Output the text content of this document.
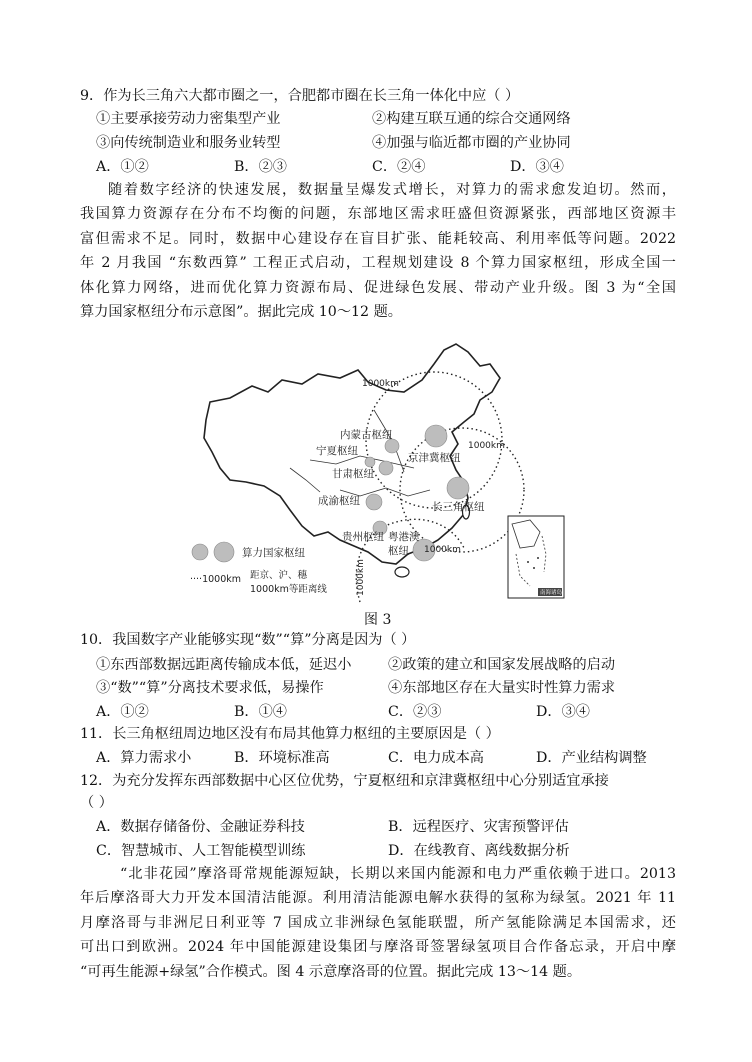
9．作为长三角六大都市圈之一，合肥都市圈在长三角一体化中应（ ）
①主要承接劳动力密集型产业	②构建互联互通的综合交通网络
③向传统制造业和服务业转型	④加强与临近都市圈的产业协同
A．①②	B．②③	C．②④	D．③④
随着数字经济的快速发展，数据量呈爆发式增长，对算力的需求愈发迫切。然而，
我国算力资源存在分布不均衡的问题，东部地区需求旺盛但资源紧张，西部地区资源丰
富但需求不足。同时，数据中心建设存在盲目扩张、能耗较高、利用率低等问题。2022
年 2 月我国 “东数西算” 工程正式启动，工程规划建设 8 个算力国家枢纽，形成全国一
体化算力网络，进而优化算力资源布局、促进绿色发展、带动产业升级。图 3 为“全国
算力国家枢纽分布示意图”。据此完成 10～12 题。
1000km
1000km
1000km
1000km
内蒙古枢纽
宁夏枢纽
甘肃枢纽
京津冀枢纽
成渝枢纽	长三角枢纽
贵州枢纽 粤港澳
枢纽
算力国家枢纽
····1000km 距京、沪、穗
1000km等距离线	南海诸岛
图 3
10．我国数字产业能够实现“数”“算”分离是因为（ ）
①东西部数据远距离传输成本低，延迟小	②政策的建立和国家发展战略的启动
③“数”“算”分离技术要求低，易操作	④东部地区存在大量实时性算力需求
A．①②	B．①④	C．②③	D．③④
11．长三角枢纽周边地区没有布局其他算力枢纽的主要原因是（ ）
A．算力需求小	B．环境标准高	C．电力成本高	D．产业结构调整
12．为充分发挥东西部数据中心区位优势，宁夏枢纽和京津冀枢纽中心分别适宜承接
（ ）
A．数据存储备份、金融证券科技	B．远程医疗、灾害预警评估
C．智慧城市、人工智能模型训练	D．在线教育、离线数据分析
“北非花园”摩洛哥常规能源短缺，长期以来国内能源和电力严重依赖于进口。2013
年后摩洛哥大力开发本国清洁能源。利用清洁能源电解水获得的氢称为绿氢。2021 年 11
月摩洛哥与非洲尼日利亚等 7 国成立非洲绿色氢能联盟，所产氢能除满足本国需求，还
可出口到欧洲。2024 年中国能源建设集团与摩洛哥签署绿氢项目合作备忘录，开启中摩
“可再生能源+绿氢”合作模式。图 4 示意摩洛哥的位置。据此完成 13～14 题。
